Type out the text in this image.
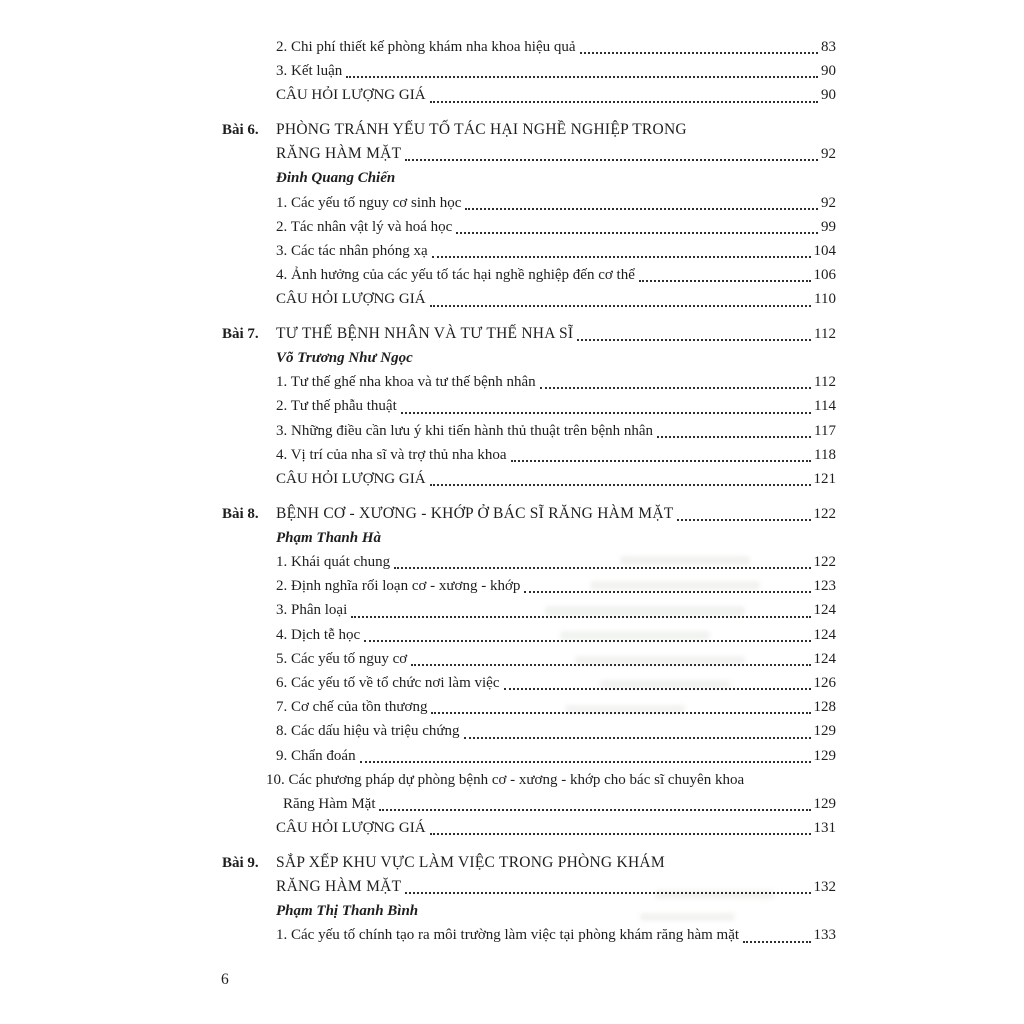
2. Chi phí thiết kế phòng khám nha khoa hiệu quả	83
3. Kết luận	90
CÂU HỎI LƯỢNG GIÁ	90
Bài 6.	PHÒNG TRÁNH YẾU TỐ TÁC HẠI NGHỀ NGHIỆP TRONG
RĂNG HÀM MẶT	92
Đinh Quang Chiến
1. Các yếu tố nguy cơ sinh học	92
2. Tác nhân vật lý và hoá học	99
3. Các tác nhân phóng xạ	104
4. Ảnh hưởng của các yếu tố tác hại nghề nghiệp đến cơ thể	106
CÂU HỎI LƯỢNG GIÁ	110
Bài 7.	TƯ THẾ BỆNH NHÂN VÀ TƯ THẾ NHA SĨ	112
Võ Trương Như Ngọc
1. Tư thế ghế nha khoa và tư thế bệnh nhân	112
2. Tư thế phẫu thuật	114
3. Những điều cần lưu ý khi tiến hành thủ thuật trên bệnh nhân	117
4. Vị trí của nha sĩ và trợ thủ nha khoa	118
CÂU HỎI LƯỢNG GIÁ	121
Bài 8.	BỆNH CƠ - XƯƠNG - KHỚP Ở BÁC SĨ RĂNG HÀM MẶT	122
Phạm Thanh Hà
1. Khái quát chung	122
2. Định nghĩa rối loạn cơ - xương - khớp	123
3. Phân loại	124
4. Dịch tễ học	124
5. Các yếu tố nguy cơ	124
6. Các yếu tố về tổ chức nơi làm việc	126
7. Cơ chế của tồn thương	128
8. Các dấu hiệu và triệu chứng	129
9. Chẩn đoán	129
10. Các phương pháp dự phòng bệnh cơ - xương - khớp cho bác sĩ chuyên khoa
Răng Hàm Mặt	129
CÂU HỎI LƯỢNG GIÁ	131
Bài 9.	SẮP XẾP KHU VỰC LÀM VIỆC TRONG PHÒNG KHÁM
RĂNG HÀM MẶT	132
Phạm Thị Thanh Bình
1. Các yếu tố chính tạo ra môi trường làm việc tại phòng khám răng hàm mặt	133
6
